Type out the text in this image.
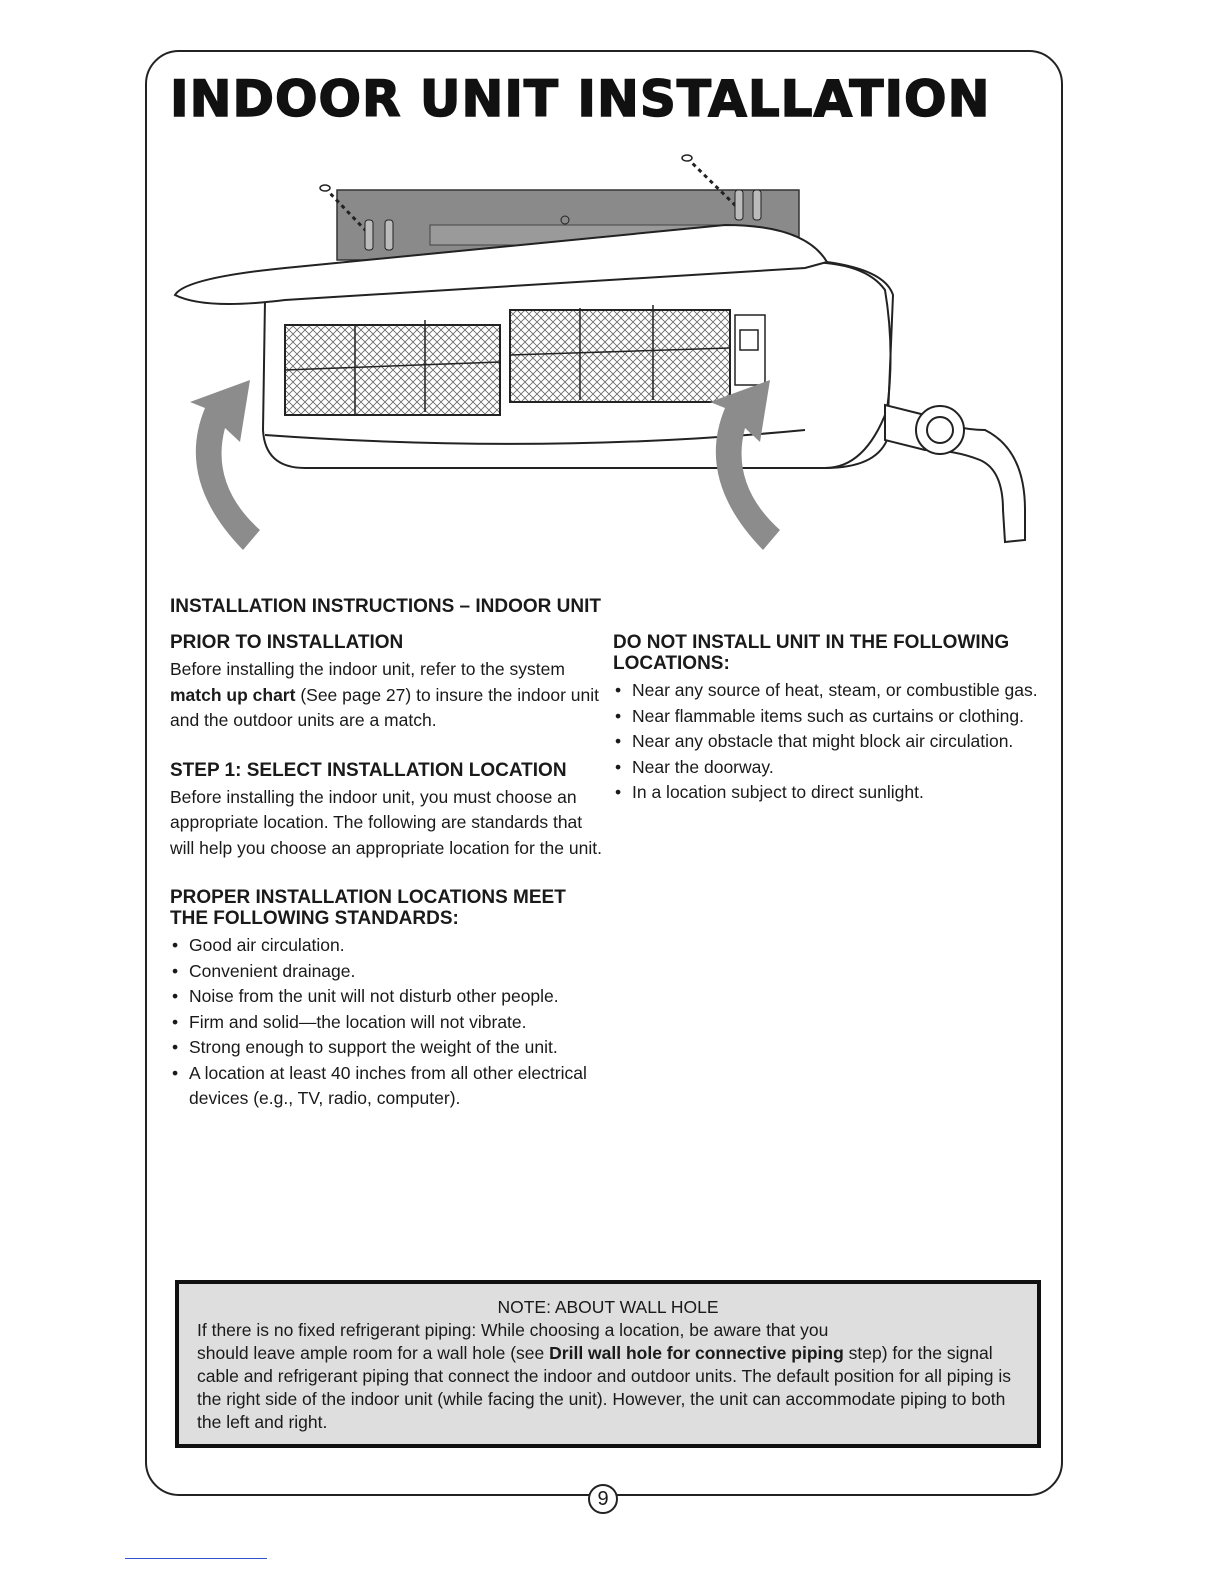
INDOOR UNIT INSTALLATION
INSTALLATION INSTRUCTIONS – INDOOR UNIT
PRIOR TO INSTALLATION

Before installing the indoor unit, refer to the system match up chart (See page 27) to insure the indoor unit and the outdoor units are a match.

STEP 1: SELECT INSTALLATION LOCATION

Before installing the indoor unit, you must choose an appropriate location. The following are standards that will help you choose an appropriate location for the unit.

PROPER INSTALLATION LOCATIONS MEET THE FOLLOWING STANDARDS:
• Good air circulation.
• Convenient drainage.
• Noise from the unit will not disturb other people.
• Firm and solid—the location will not vibrate.
• Strong enough to support the weight of the unit.
• A location at least 40 inches from all other electrical devices (e.g., TV, radio, computer).
DO NOT INSTALL UNIT IN THE FOLLOWING LOCATIONS:
• Near any source of heat, steam, or combustible gas.
• Near flammable items such as curtains or clothing.
• Near any obstacle that might block air circulation.
• Near the doorway.
• In a location subject to direct sunlight.

NOTE: ABOUT WALL HOLE

If there is no fixed refrigerant piping: While choosing a location, be aware that you

should leave ample room for a wall hole (see Drill wall hole for connective piping step) for the signal cable and refrigerant piping that connect the indoor and outdoor units. The default position for all piping is the right side of the indoor unit (while facing the unit). However, the unit can accommodate piping to both the left and right.

9
